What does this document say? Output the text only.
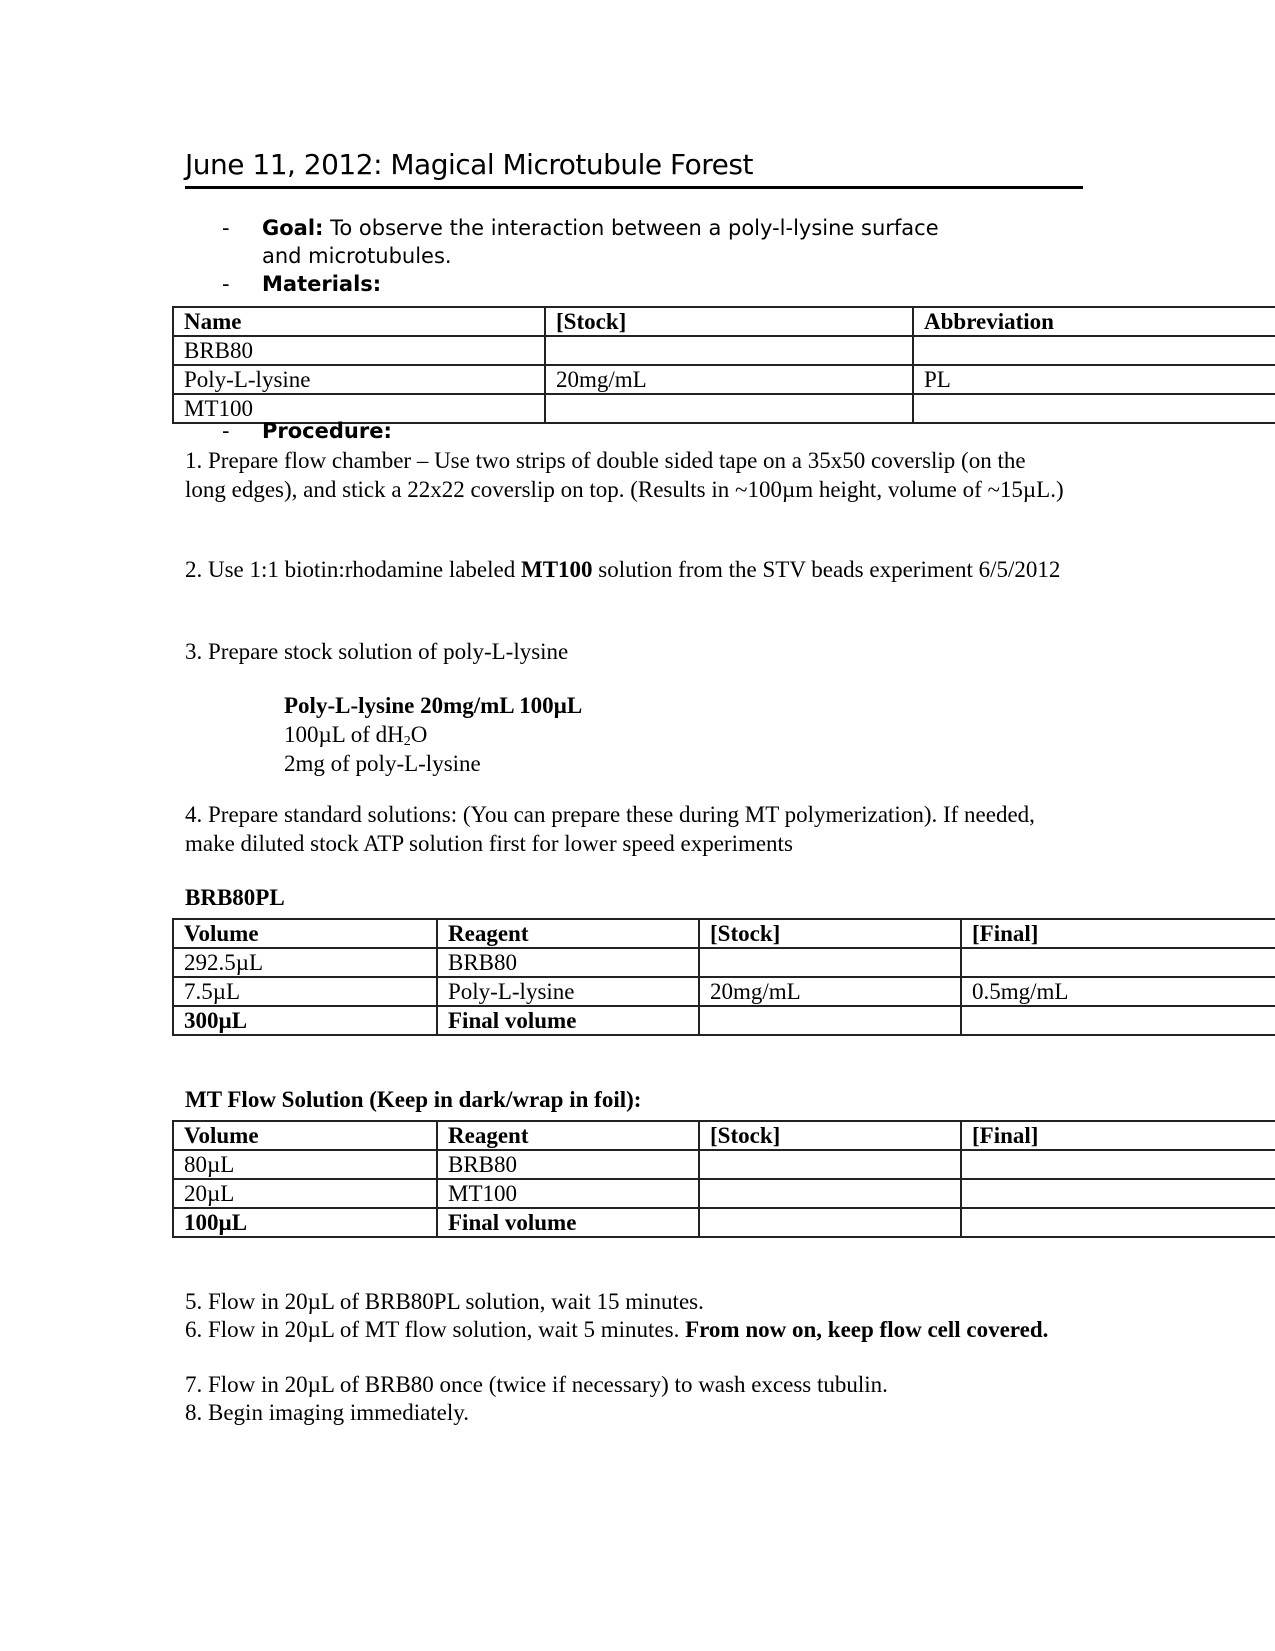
June 11, 2012: Magical Microtubule Forest
-	Goal: To observe the interaction between a poly-l-lysine surface and microtubules.
-	Materials:
Name	[Stock]	Abbreviation
BRB80		
Poly-L-lysine	20mg/mL	PL
MT100		
-	Procedure:
1. Prepare flow chamber – Use two strips of double sided tape on a 35x50 coverslip (on the long edges), and stick a 22x22 coverslip on top. (Results in ~100µm height, volume of ~15µL.)
2. Use 1:1 biotin:rhodamine labeled MT100 solution from the STV beads experiment 6/5/2012
3. Prepare stock solution of poly-L-lysine
Poly-L-lysine 20mg/mL 100µL
100µL of $dH_2O$
2mg of poly-L-lysine
4. Prepare standard solutions: (You can prepare these during MT polymerization). If needed, make diluted stock ATP solution first for lower speed experiments
BRB80PL
Volume	Reagent	[Stock]	[Final]
292.5µL	BRB80		
7.5µL	Poly-L-lysine	20mg/mL	0.5mg/mL
300µL	Final volume		
MT Flow Solution (Keep in dark/wrap in foil):
Volume	Reagent	[Stock]	[Final]
80µL	BRB80		
20µL	MT100		
100µL	Final volume		
5. Flow in 20µL of BRB80PL solution, wait 15 minutes.
6. Flow in 20µL of MT flow solution, wait 5 minutes. From now on, keep flow cell covered.
7. Flow in 20µL of BRB80 once (twice if necessary) to wash excess tubulin.
8. Begin imaging immediately.
